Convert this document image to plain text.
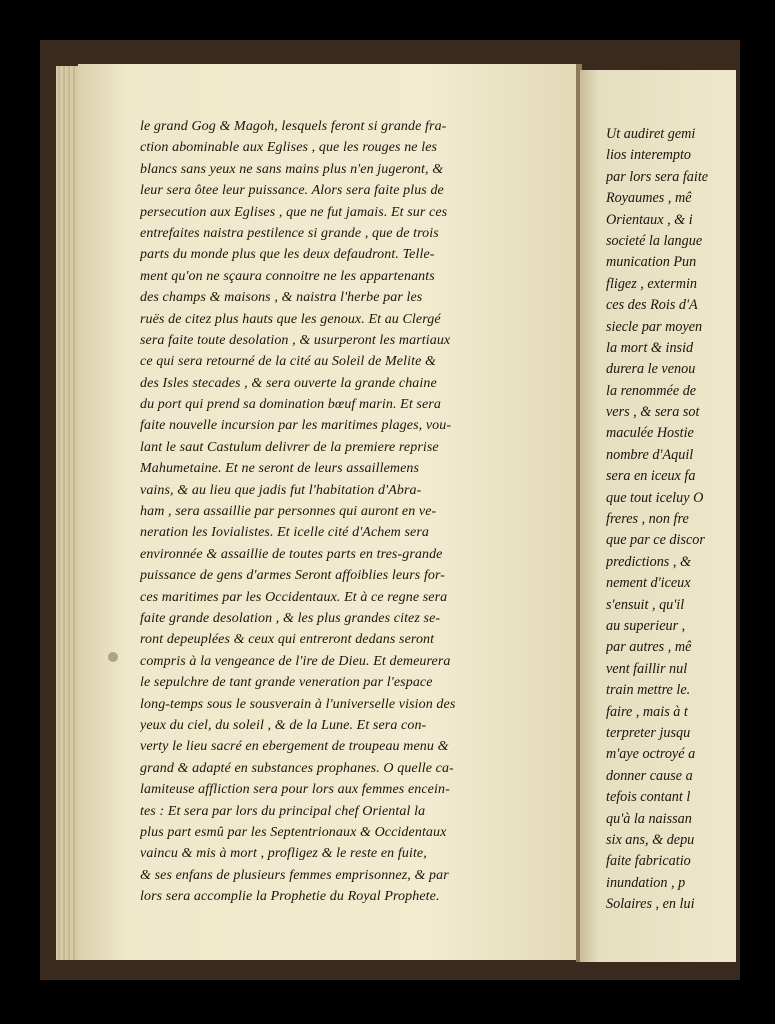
le grand Gog & Magoh, lesquels feront si grande fra-
ction abominable aux Eglises , que les rouges ne les
blancs sans yeux ne sans mains plus n'en jugeront, &
leur sera ôtee leur puissance. Alors sera faite plus de
persecution aux Eglises , que ne fut jamais. Et sur ces
entrefaites naistra pestilence si grande , que de trois
parts du monde plus que les deux defaudront. Telle-
ment qu'on ne sçaura connoitre ne les appartenants
des champs & maisons , & naistra l'herbe par les
ruës de citez plus hauts que les genoux. Et au Clergé
sera faite toute desolation , & usurperont les martiaux
ce qui sera retourné de la cité au Soleil de Melite &
des Isles stecades , & sera ouverte la grande chaine
du port qui prend sa domination bœuf marin. Et sera
faite nouvelle incursion par les maritimes plages, vou-
lant le saut Castulum delivrer de la premiere reprise
Mahumetaine. Et ne seront de leurs assaillemens
vains, & au lieu que jadis fut l'habitation d'Abra-
ham , sera assaillie par personnes qui auront en ve-
neration les Iovialistes. Et icelle cité d'Achem sera
environnée & assaillie de toutes parts en tres-grande
puissance de gens d'armes Seront affoiblies leurs for-
ces maritimes par les Occidentaux. Et à ce regne sera
faite grande desolation , & les plus grandes citez se-
ront depeuplées & ceux qui entreront dedans seront
compris à la vengeance de l'ire de Dieu. Et demeurera
le sepulchre de tant grande veneration par l'espace
long-temps sous le sousverain à l'universelle vision des
yeux du ciel, du soleil , & de la Lune. Et sera con-
verty le lieu sacré en ebergement de troupeau menu &
grand & adapté en substances prophanes. O quelle ca-
lamiteuse affliction sera pour lors aux femmes encein-
tes : Et sera par lors du principal chef Oriental la
plus part esmû par les Septentrionaux & Occidentaux
vaincu & mis à mort , profligez & le reste en fuite,
& ses enfans de plusieurs femmes emprisonnez, & par
lors sera accomplie la Prophetie du Royal Prophete.
Ut audiret gemi
lios interempto
par lors sera faite
Royaumes , mê
Orientaux , & i
societé la langue
munication Pun
fligez , extermin
ces des Rois d'A
siecle par moyen
la mort & insid
durera le venou
la renommée de
vers , & sera sot
maculée Hostie
nombre d'Aquil
sera en iceux fa
que tout iceluy O
freres , non fre
que par ce discor
predictions , &
nement d'iceux
s'ensuit , qu'il
au superieur ,
par autres , mê
vent faillir nul
train mettre le.
faire , mais à t
terpreter jusqu
m'aye octroyé a
donner cause a
tefois contant l
qu'à la naissan
six ans, & depu
faite fabricatio
inundation , p
Solaires , en lui
